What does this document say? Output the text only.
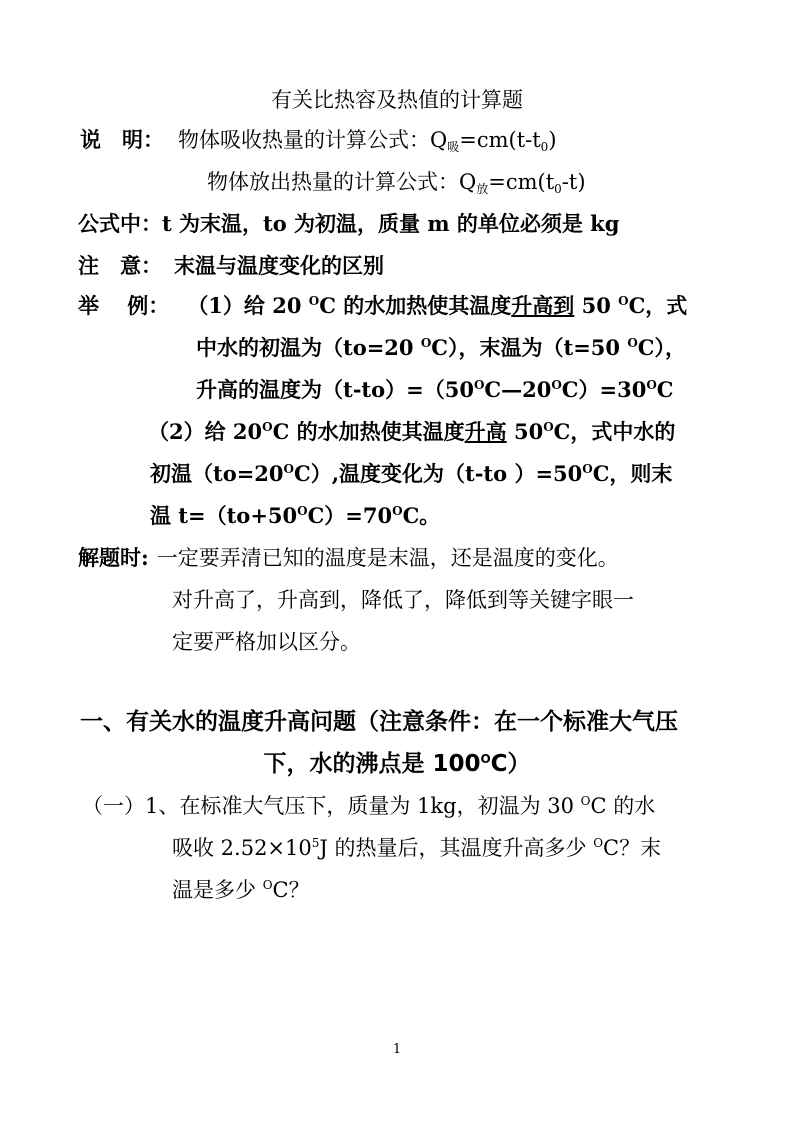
有关比热容及热值的计算题
说　明： 物体吸收热量的计算公式：$Q_吸=cm(t-t_0)$
物体放出热量的计算公式：$Q_放=cm(t_0-t)$
公式中：t 为末温，to 为初温，质量 m 的单位必须是 kg
注　意： 末温与温度变化的区别
举　 例： （1）给 20 $^O$C 的水加热使其温度升高到 50 $^O$C，式
中水的初温为（to=20 $^O$C），末温为（t=50 $^O$C），
升高的温度为$(t-to)=(50^OC—20^OC)=30^OC$
（2）给 $20^OC$ 的水加热使其温度升高 $50^OC$，式中水的
初温$(to=20^OC)$,温度变化为（t-to ）$=50^OC$，则末
温 $t=(to+50^OC)=70^OC$。
解题时: 一定要弄清已知的温度是末温，还是温度的变化。
对升高了，升高到，降低了，降低到等关键字眼一
定要严格加以区分。
一、有关水的温度升高问题（注意条件：在一个标准大气压
下，水的沸点是 $100^OC$）
（一）1、在标准大气压下，质量为 1kg，初温为 30 $^O$C 的水
吸收 $2.52\times 10^5J$ 的热量后，其温度升高多少 $^O$C？末
温是多少 $^O$C？
1
